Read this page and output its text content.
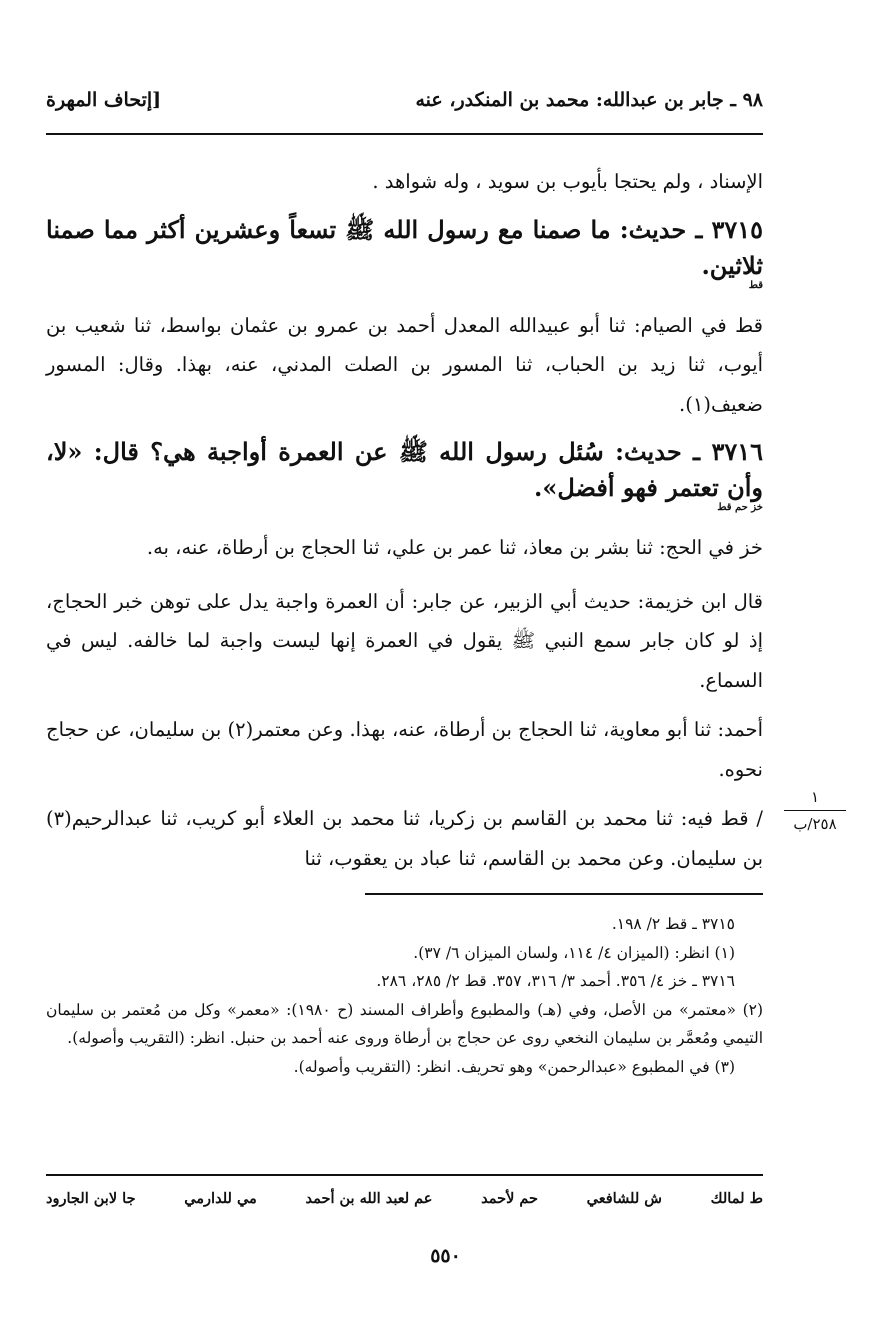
٩٨ ـ جابر بن عبدالله: محمد بن المنكدر، عنه
[إتحاف المهرة

الإسناد ، ولم يحتجا بأيوب بن سويد ، وله شواهد .

٣٧١٥ ـ حديث: ما صمنا مع رسول الله ﷺ تسعاً وعشرين أكثر مما صمنا ثلاثين.
قط

قط في الصيام: ثنا أبو عبيدالله المعدل أحمد بن عمرو بن عثمان بواسط، ثنا شعيب بن أيوب، ثنا زيد بن الحباب، ثنا المسور بن الصلت المدني، عنه، بهذا. وقال: المسور ضعيف(١).

٣٧١٦ ـ حديث: سُئل رسول الله ﷺ عن العمرة أواجبة هي؟ قال: «لا، وأن تعتمر فهو أفضل».
خز حم قط

خز في الحج: ثنا بشر بن معاذ، ثنا عمر بن علي، ثنا الحجاج بن أرطاة، عنه، به.

قال ابن خزيمة: حديث أبي الزبير، عن جابر: أن العمرة واجبة يدل على توهن خبر الحجاج، إذ لو كان جابر سمع النبي ﷺ يقول في العمرة إنها ليست واجبة لما خالفه. ليس في السماع.

أحمد: ثنا أبو معاوية، ثنا الحجاج بن أرطاة، عنه، بهذا. وعن معتمر(٢) بن سليمان، عن حجاج نحوه.

/ قط فيه: ثنا محمد بن القاسم بن زكريا، ثنا محمد بن العلاء أبو كريب، ثنا عبدالرحيم(٣) بن سليمان. وعن محمد بن القاسم، ثنا عباد بن يعقوب، ثنا

١
٢٥٨/ب

٣٧١٥ ـ قط ٢/ ١٩٨.

(١) انظر: (الميزان ٤/ ١١٤، ولسان الميزان ٦/ ٣٧).

٣٧١٦ ـ خز ٤/ ٣٥٦. أحمد ٣/ ٣١٦، ٣٥٧. قط ٢/ ٢٨٥، ٢٨٦.

(٢) «معتمر» من الأصل، وفي (هـ) والمطبوع وأطراف المسند (ح ١٩٨٠): «معمر» وكل من مُعتمر بن سليمان التيمي ومُعمَّر بن سليمان النخعي روى عن حجاج بن أرطاة وروى عنه أحمد بن حنبل. انظر: (التقريب وأصوله).

(٣) في المطبوع «عبدالرحمن» وهو تحريف. انظر: (التقريب وأصوله).

ط لمالك
ش للشافعي
حم لأحمد
عم لعبد الله بن أحمد
مي للدارمي
جا لابن الجارود
٥٥٠
